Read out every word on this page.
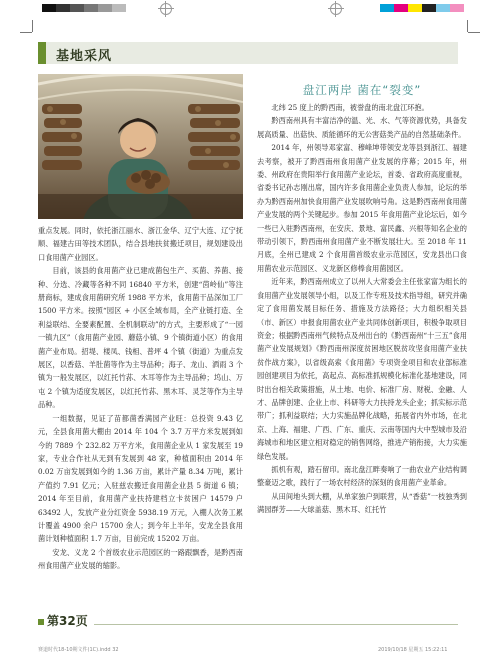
基地采风

盘江两岸 菌在“裂变”

重点发展。同时，依托浙江丽水、浙江金华、辽宁大连、辽宁抚顺、福建古田等技术团队，结合县地扶贫搬迁项目，规划建设出口食用菌产业园区。

目前，该县的食用菌产业已建成菌包生产、买菌、养菌、接种、分选、冷藏等各种不同 16840 平方米，创建“茵岭仙”等注册商标，建成食用菌研究所 1988 平方米，食用菌干品深加工厂 1500 平方米。按照“园区 + 小区全域布局，全产业链打造、全利益联结、全要素配置、全机制联动”的方式，主要形成了“一园一镇九区”（食用菌产业园、蘑菇小镇、9 个镇街道小区）的食用菌产业布局。招堤、楼凤、钱相、普坪 4 个镇（街道）为重点发展区，以香菇、羊肚菌等作为主导品种；海子、龙山、洒雨 3 个镇为一般发展区，以红托竹荪、木耳等作为主导品种；坞山、万屯 2 个镇为适度发展区，以红托竹荪、黑木耳、灵芝等作为主导品种。

一组数据，见证了苗都菌香满园产业旺：总投资 9.43 亿元，全县食用菌大棚由 2014 年 104 个 3.7 万平方米发展到如今的 7889 个 232.82 万平方米，食用菌企业从 1 家发展至 19 家，专业合作社从无到有发展到 48 家，种植面积由 2014 年 0.02 万亩发展到如今的 1.36 万亩，累计产量 8.34 万吨，累计产值约 7.91 亿元；入驻兹农搬迁食用菌企业县 5 街道 6 镇；2014 年至目前，食用菌产业扶持建档立卡贫困户 14579 户 63492 人，发放产业分红资金 5938.19 万元，入棚人次务工累计覆盖 4900 余户 15700 余人；到今年上半年，安龙全县食用菌计划种植面积 1.7 万亩，目前完成 15202 万亩。

安龙、义龙 2 个首级农业示范园区的一路跟飘香，是黔西南州食用菌产业发展的缩影。

北纬 25 度上的黔西南，被誉盘的南北盘江环抱。

黔西南州具有丰富洁净的温、光、水、气等资源优势，具备发展高质量、出菇快、质能循环的无公害菇类产品的自然基础条件。

2014 年，州领导邓家富、穆峰坤带领安龙等县到浙江、福建去考察，被开了黔西南州食用菌产业发展的序幕；2015 年，州委、州政府在贵阳举行食用菌产业论坛，首委、省政府高度重视，省委书记孙志刚出席，国内许多食用菌企业负责人参加，论坛的举办为黔西南州加快食用菌产业发展吹响号角。这是黔西南州食用菌产业发展的两个关键起步。参加 2015 年食用菌产业论坛后，如今一些已入驻黔西南州，在安庆、景地、富民鑫、兴根等知名企业的带动引领下，黔西南州食用菌产业不断发展壮大。至 2018 年 11 月底，全州已建成 2 个食用菌首级农业示范园区，安龙县出口食用菌农业示范园区、义龙新区修棒食用菌园区。

近年来，黔西南州成立了以州人大常委会主任张家富为组长的食用菌产业发展领导小组，以及工作专班及技术指导组，研究并确定了食用菌发展目标任务、措施及方法路径；大力组织相关县（市、新区）申报食用菌农业产业共同体创新项目，积极争取项目资金；根据黔西南州气候特点及州出台的《黔西南州“十三五”食用菌产业发展规划》《黔西南州深度贫困地区脱贫攻坚食用菌产业扶贫作战方案》，以省级高索《食用菌》专项资金项目和农业部标准园创建项目为依托，高起点、高标准抓规模化标准化基地建设，同时出台相关政策措施，从土地、电价、标准厂房、财税、金融、人才、品牌创建、企业上市、科研等大力扶持龙头企业；抓实标示范带广；抓利益联结；大力实施品牌化战略，拓展省内外市场，在北京、上海、福建、广西、广东、重庆、云南等国内大中型城市及沿海城市和地区建立相对稳定的销售网络，推进产销衔接，大力实施绿色发展。

抓机有观，踏石留印。南北盘江畔奏响了一曲农业产业结构调整豪迈之歌，践行了一场农村经济的深刻的食用菌产业革命。

从田间地头到大棚，从单家独户到联营，从“香菇”一枝独秀到满园群芳——大球盖菇、黑木耳、红托竹

第32页
赛道时代18-10期文件(1C).indd 32	2019/10/18 星期五 15:22:11
